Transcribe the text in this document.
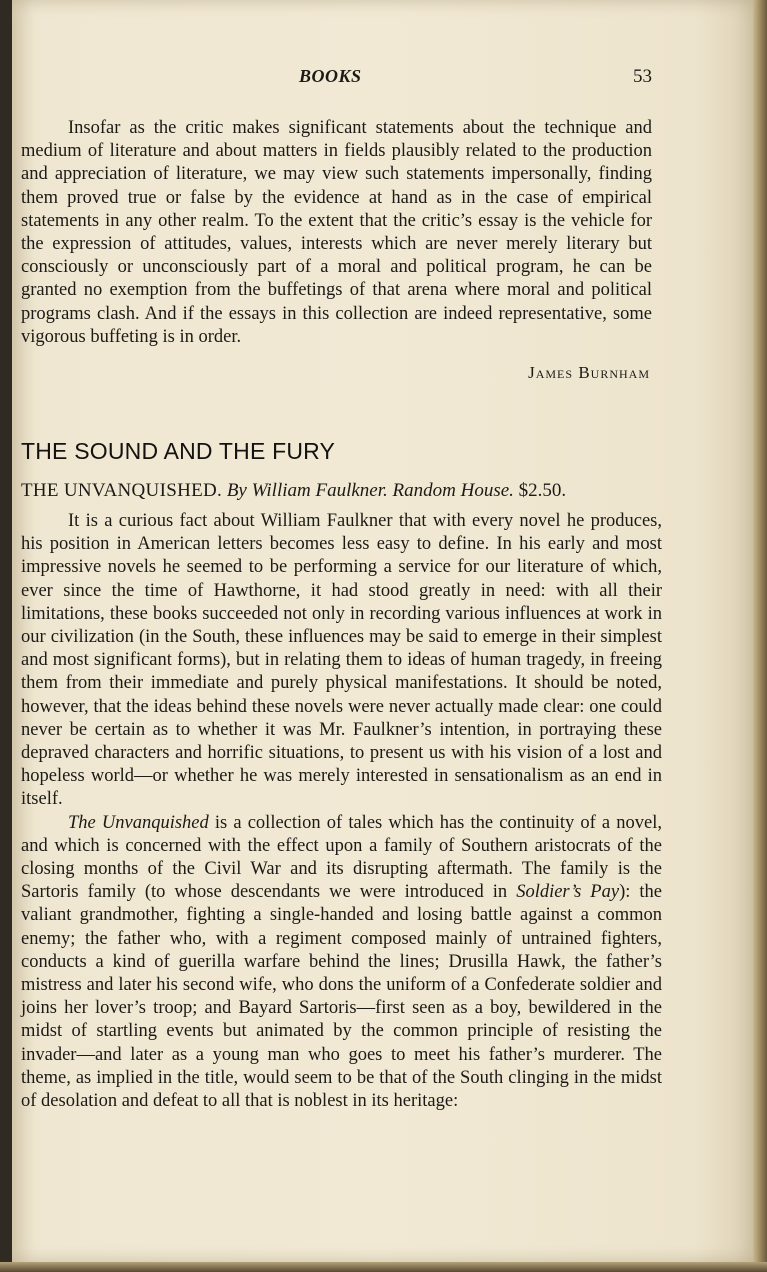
BOOKS	53

Insofar as the critic makes significant statements about the technique and medium of literature and about matters in fields plausibly related to the production and appreciation of literature, we may view such statements impersonally, finding them proved true or false by the evidence at hand as in the case of empirical statements in any other realm. To the extent that the critic’s essay is the vehicle for the expression of attitudes, values, interests which are never merely literary but consciously or unconsciously part of a moral and political program, he can be granted no exemption from the buffetings of that arena where moral and political programs clash. And if the essays in this collection are indeed representative, some vigorous buffeting is in order.

James Burnham
THE SOUND AND THE FURY
THE UNVANQUISHED. By William Faulkner. Random House. $2.50.

It is a curious fact about William Faulkner that with every novel he produces, his position in American letters becomes less easy to define. In his early and most impressive novels he seemed to be performing a service for our literature of which, ever since the time of Hawthorne, it had stood greatly in need: with all their limitations, these books succeeded not only in recording various influences at work in our civilization (in the South, these influences may be said to emerge in their simplest and most significant forms), but in relating them to ideas of human tragedy, in freeing them from their immediate and purely physical manifestations. It should be noted, however, that the ideas behind these novels were never actually made clear: one could never be certain as to whether it was Mr. Faulkner’s intention, in portraying these depraved characters and horrific situations, to present us with his vision of a lost and hopeless world—or whether he was merely interested in sensationalism as an end in itself.

The Unvanquished is a collection of tales which has the continuity of a novel, and which is concerned with the effect upon a family of Southern aristocrats of the closing months of the Civil War and its disrupting aftermath. The family is the Sartoris family (to whose descendants we were introduced in Soldier’s Pay): the valiant grandmother, fighting a single-handed and losing battle against a common enemy; the father who, with a regiment composed mainly of untrained fighters, conducts a kind of guerilla warfare behind the lines; Drusilla Hawk, the father’s mistress and later his second wife, who dons the uniform of a Confederate soldier and joins her lover’s troop; and Bayard Sartoris—first seen as a boy, bewildered in the midst of startling events but animated by the common principle of resisting the invader—and later as a young man who goes to meet his father’s murderer. The theme, as implied in the title, would seem to be that of the South clinging in the midst of desolation and defeat to all that is noblest in its heritage:
